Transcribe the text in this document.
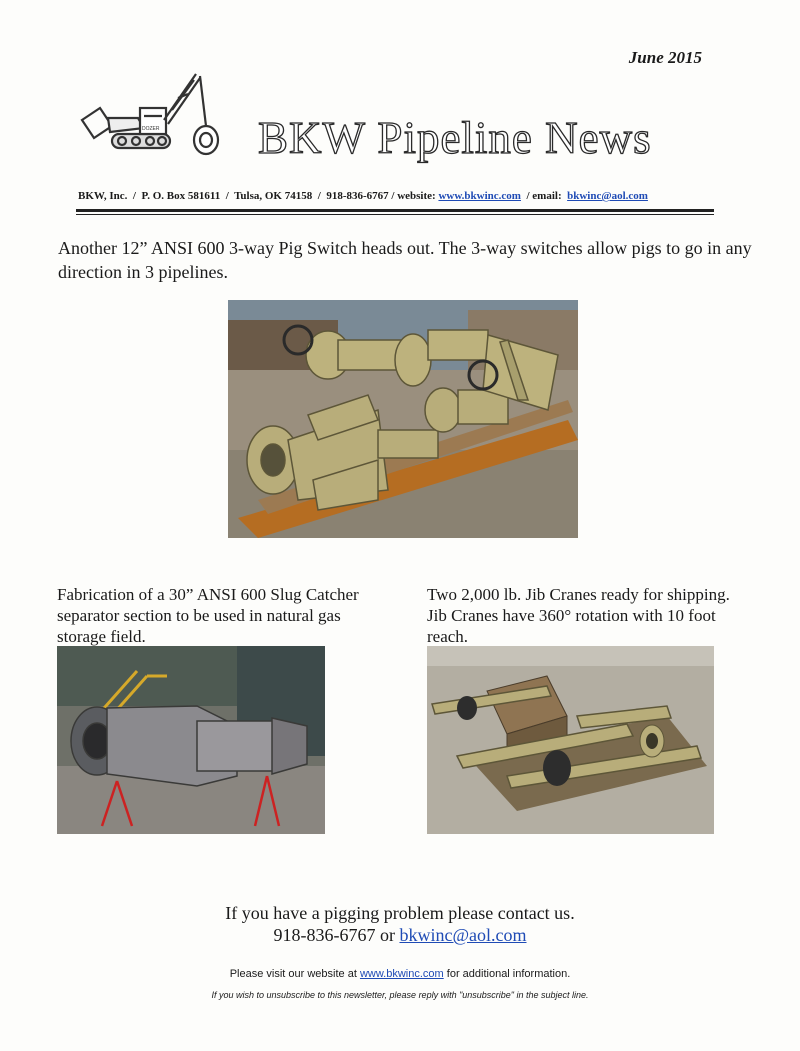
June 2015
DOZER BKW Pipeline News
BKW, Inc.  /  P. O. Box 581611  /  Tulsa, OK 74158  /  918-836-6767 / website: www.bkwinc.com  / email: bkwinc@aol.com
Another 12” ANSI 600 3-way Pig Switch heads out. The 3-way switches allow pigs to go in any direction in 3 pipelines.
Fabrication of a 30” ANSI 600 Slug Catcher separator section to be used in natural gas storage field.
Two 2,000 lb. Jib Cranes ready for shipping. Jib Cranes have 360° rotation with 10 foot reach.
If you have a pigging problem please contact us.
918-836-6767 or bkwinc@aol.com
Please visit our website at www.bkwinc.com for additional information.
If you wish to unsubscribe to this newsletter, please reply with "unsubscribe" in the subject line.
